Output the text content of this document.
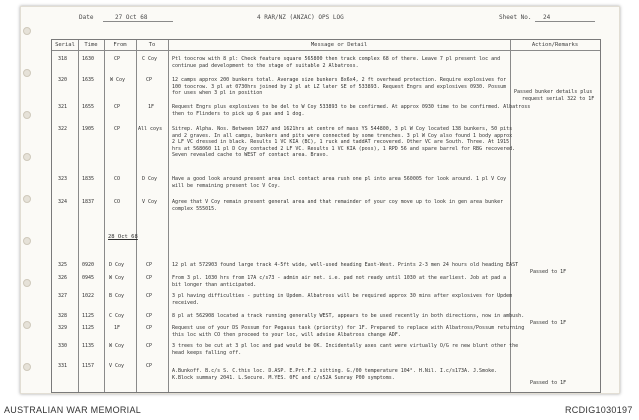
Date	27 Oct 68	4 RAR/NZ (ANZAC) OPS LOG	Sheet No. 24
Serial	Time	From	To	Message or Detail	Action/Remarks
318	1630	CP	C Coy	Ptl toocrow with 8 pl: Check feature square 565800 then track complex 68 of there. Leave 7 pl present loc and
continue pad development to the stage of suitable 2 Albatross.
320	1635	W Coy	CP	12 camps approx 200 bunkers total. Average size bunkers 8x6x4, 2 ft overhead protection. Require explosives for
100 toocrow. 3 pl at 0730hrs joined by 2 pl at LZ later SE of 533893. Request Engrs and explosives 0930. Possum
for uses when 3 pl in position	Passed bunker details plus
request serial 322 to 1F
321	1655	CP	1F	Request Engrs plus explosives to be del to W Coy 533893 to be confirmed. At approx 0930 time to be confirmed. Albatross
then to Flinders to pick up 6 pax and 1 dog.
322	1905	CP	All coys Sitrep. Alpha. Nos. Between 1027 and 1621hrs at centre of mass YS 544800, 3 pl W Coy located 138 bunkers, 50 pits
and 2 graves. In all camps, bunkers and pits were connected by some trenches. 3 pl W Coy also found 1 body approx
2 LF VC dressed in black. Results 1 VC KIA (BC), 1 ruck and taddAT recovered. Other VC are South. Three. At 1915
hrs at 568060 11 pl D Coy contacted 2 LF VC. Results 1 VC KIA (poss), 1 RPD 56 and spare barrel for RBG recovered.
Seven revealed cache to WEST of contact area. Bravo.
323	1835	CO	D Coy	Have a good look around present area incl contact area rush one pl into area 560005 for look around. 1 pl V Coy
will be remaining present loc V Coy.
324	1837	CO	V Coy	Agree that V Coy remain present general area and that remainder of your coy move up to look in gen area bunker
complex 555015.
28 Oct 68
325	0920	D Coy	CP	12 pl at 572903 found large track 4-5ft wide, well-used heading East-West. Prints 2-3 men 24 hours old heading EAST
Passed to 1F
326	0945	W Coy	CP	From 3 pl. 1030 hrs from 17A c/s73 - admin air net. i.e. pad not ready until 1030 at the earliest. Job at pad a
bit longer than anticipated.
327	1022	B Coy	CP	3 pl having difficulties - putting in Updem. Albatross will be required approx 30 mins after explosives for Updem
received.
328	1125	C Coy	CP	8 pl at 562908 located a track running generally WEST, appears to be used recently in both directions, now in ambush.
Passed to 1F
329	1125	1F	CP	Request use of your DS Possum for Pegasus task (priority) for 1F. Prepared to replace with Albatross/Possum returning
this loc with CO then proceed to your loc, will advise Albatross change ADF.
330	1135	W Coy	CP	3 trees to be cut at 3 pl loc and pad would be OK. Incidentally axes cant were virtually O/G re new blunt other the
head keeps falling off.
331	1157	V Coy	CP
A.Bunkoff. B.c/s S. C.this loc. D.ASP. E.Prt.F.2 sitting. G./00 temperature 104°. H.Nil. I.c/s173A. J.Smoke.
K.Block summary 2041. L.Secure. M.YES. 0FC and c/s52A Sunray P00 symptoms.
Passed to 1F
AUSTRALIAN WAR MEMORIAL	RCDIG1030197
